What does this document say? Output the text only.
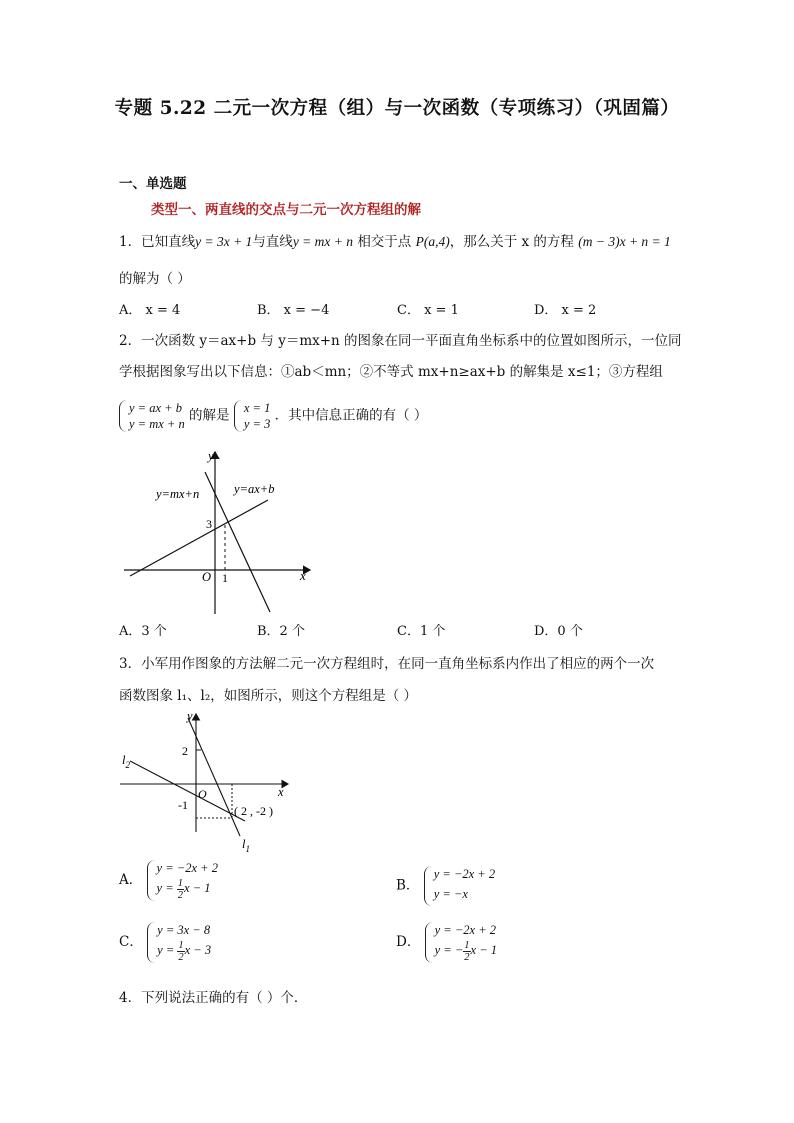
专题 5.22 二元一次方程（组）与一次函数（专项练习）（巩固篇）
一、单选题
类型一、两直线的交点与二元一次方程组的解
1．已知直线y = 3x + 1与直线y = mx + n 相交于点 P(a,4)，那么关于 x 的方程 (m − 3)x + n = 1
的解为（ ）
A． x = 4	B． x = −4	C． x = 1	D． x = 2
2．一次函数 y＝ax+b 与 y＝mx+n 的图象在同一平面直角坐标系中的位置如图所示，一位同
学根据图象写出以下信息：①ab＜mn；②不等式 mx+n≥ax+b 的解集是 x≤1；③方程组
y = ax + b
y = mx + n
的解是 x = 1
y = 3
．其中信息正确的有（ ）
y
x
O 1
3
y=mx+n	y=ax+b
A．3 个	B．2 个	C．1 个	D．0 个
3．小军用作图象的方法解二元一次方程组时，在同一直角坐标系内作出了相应的两个一次
函数图象 l₁、l₂，如图所示，则这个方程组是（ ）
y
x
O
2
-1	( 2 , -2 )
$l_1$
$l_2$
A．
y = −2x + 2
$y = \frac{1}{2}$ x − 1	B．
y = −2x + 2
y = −x
C．
y = 3x − 8
$y = \frac{1}{2}$ x − 3
D．
y = −2x + 2
y = − $\frac{1}{2}$ x − 1
4．下列说法正确的有（ ）个．
